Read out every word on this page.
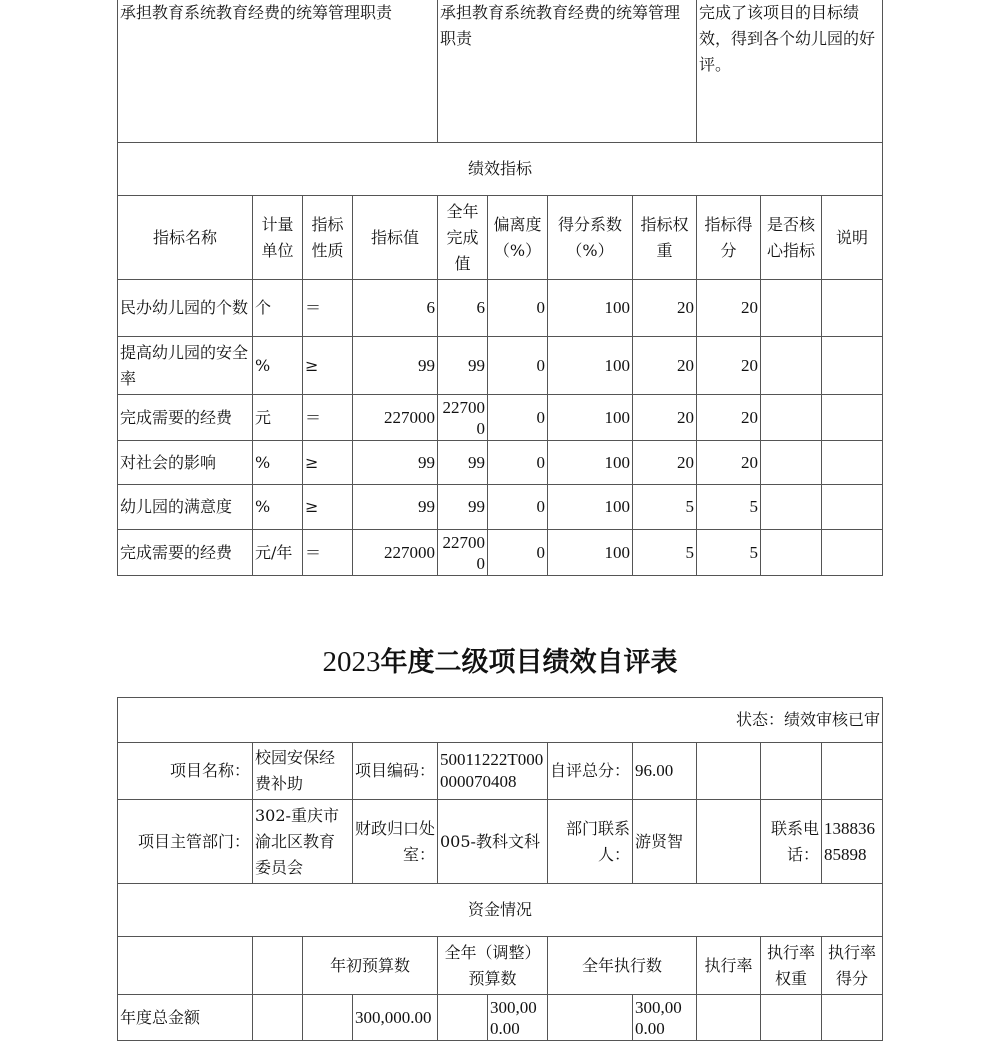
承担教育系统教育经费的统筹管理职责				承担教育系统教育经费的统筹管理职责				完成了该项目的目标绩效，得到各个幼儿园的好评。		
绩效指标										
指标名称	计量单位	指标性质	指标值	全年完成值	偏离度（%）	得分系数（%）	指标权重	指标得分	是否核心指标	说明
民办幼儿园的个数	个	＝	6	6	0	100	20	20		
提高幼儿园的安全率	%	≥	99	99	0	100	20	20		
完成需要的经费	元	＝	227000	227000	0	100	20	20		
对社会的影响	%	≥	99	99	0	100	20	20		
幼儿园的满意度	%	≥	99	99	0	100	5	5		
完成需要的经费	元/年	＝	227000	227000	0	100	5	5		
2023年度二级项目绩效自评表
状态：绩效审核已审										
项目名称：	校园安保经费补助		项目编码：	50011222T000000070408		自评总分：	96.00			
项目主管部门：	302-重庆市渝北区教育委员会		财政归口处室：	005-教科文科		部门联系人：	游贤智		联系电话：	13883685898
资金情况										
		年初预算数		全年（调整）预算数		全年执行数		执行率	执行率权重	执行率得分
年度总金额			300,000.00		300,000.00		300,000.00			
